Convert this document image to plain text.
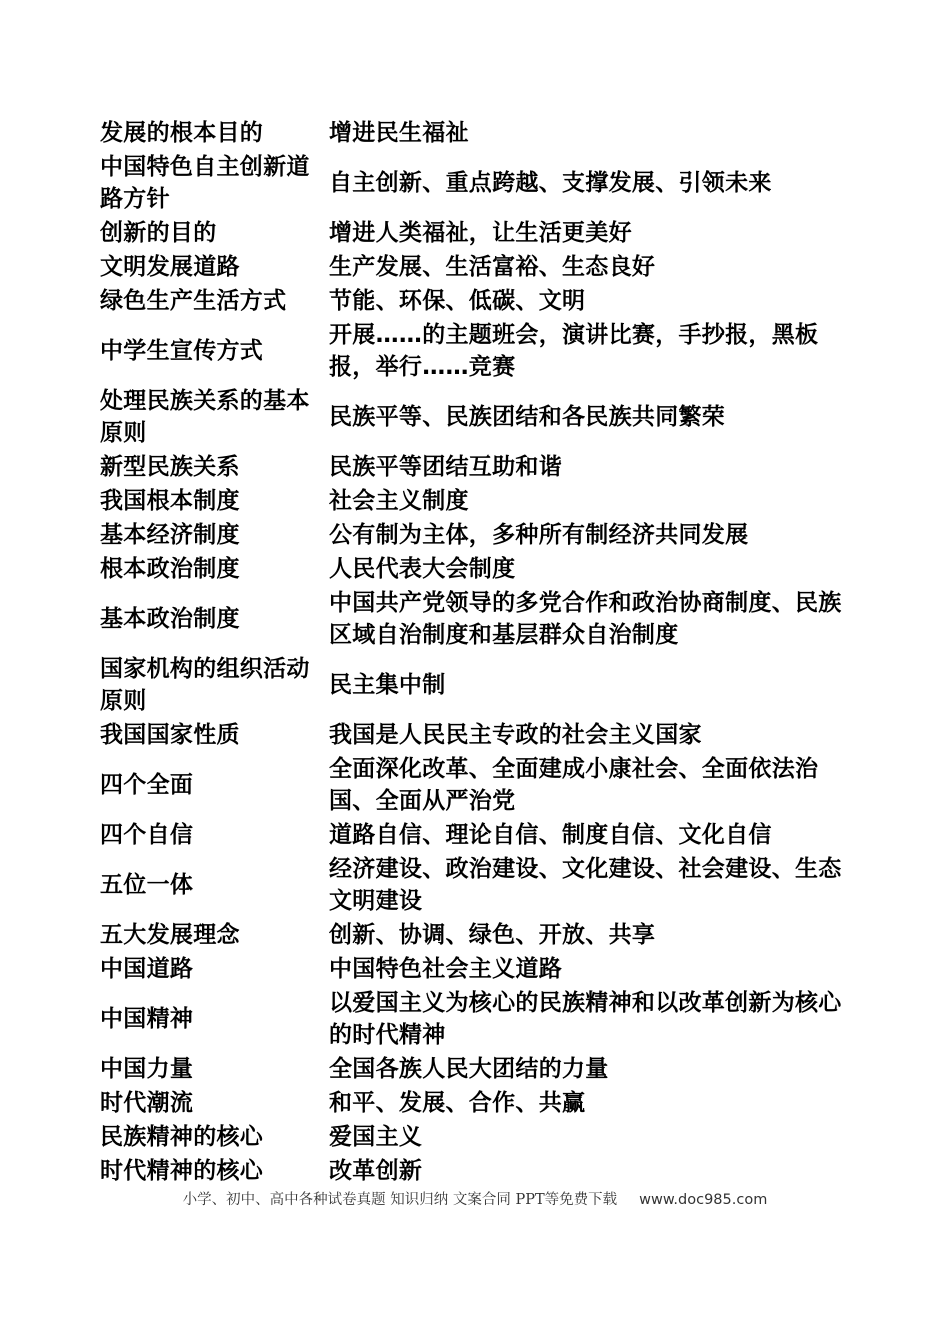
发展的根本目的	增进民生福祉
中国特色自主创新道路方针	自主创新、重点跨越、支撑发展、引领未来
创新的目的	增进人类福祉，让生活更美好
文明发展道路	生产发展、生活富裕、生态良好
绿色生产生活方式	节能、环保、低碳、文明
中学生宣传方式	开展……的主题班会，演讲比赛，手抄报，黑板报，举行……竞赛
处理民族关系的基本原则	民族平等、民族团结和各民族共同繁荣
新型民族关系	民族平等团结互助和谐
我国根本制度	社会主义制度
基本经济制度	公有制为主体，多种所有制经济共同发展
根本政治制度	人民代表大会制度
基本政治制度	中国共产党领导的多党合作和政治协商制度、民族区域自治制度和基层群众自治制度
国家机构的组织活动原则	民主集中制
我国国家性质	我国是人民民主专政的社会主义国家
四个全面	全面深化改革、全面建成小康社会、全面依法治国、全面从严治党
四个自信	道路自信、理论自信、制度自信、文化自信
五位一体	经济建设、政治建设、文化建设、社会建设、生态文明建设
五大发展理念	创新、协调、绿色、开放、共享
中国道路	中国特色社会主义道路
中国精神	以爱国主义为核心的民族精神和以改革创新为核心的时代精神
中国力量	全国各族人民大团结的力量
时代潮流	和平、发展、合作、共赢
民族精神的核心	爱国主义
时代精神的核心	改革创新
小学、初中、高中各种试卷真题 知识归纳 文案合同 PPT等免费下载 www.doc985.com
